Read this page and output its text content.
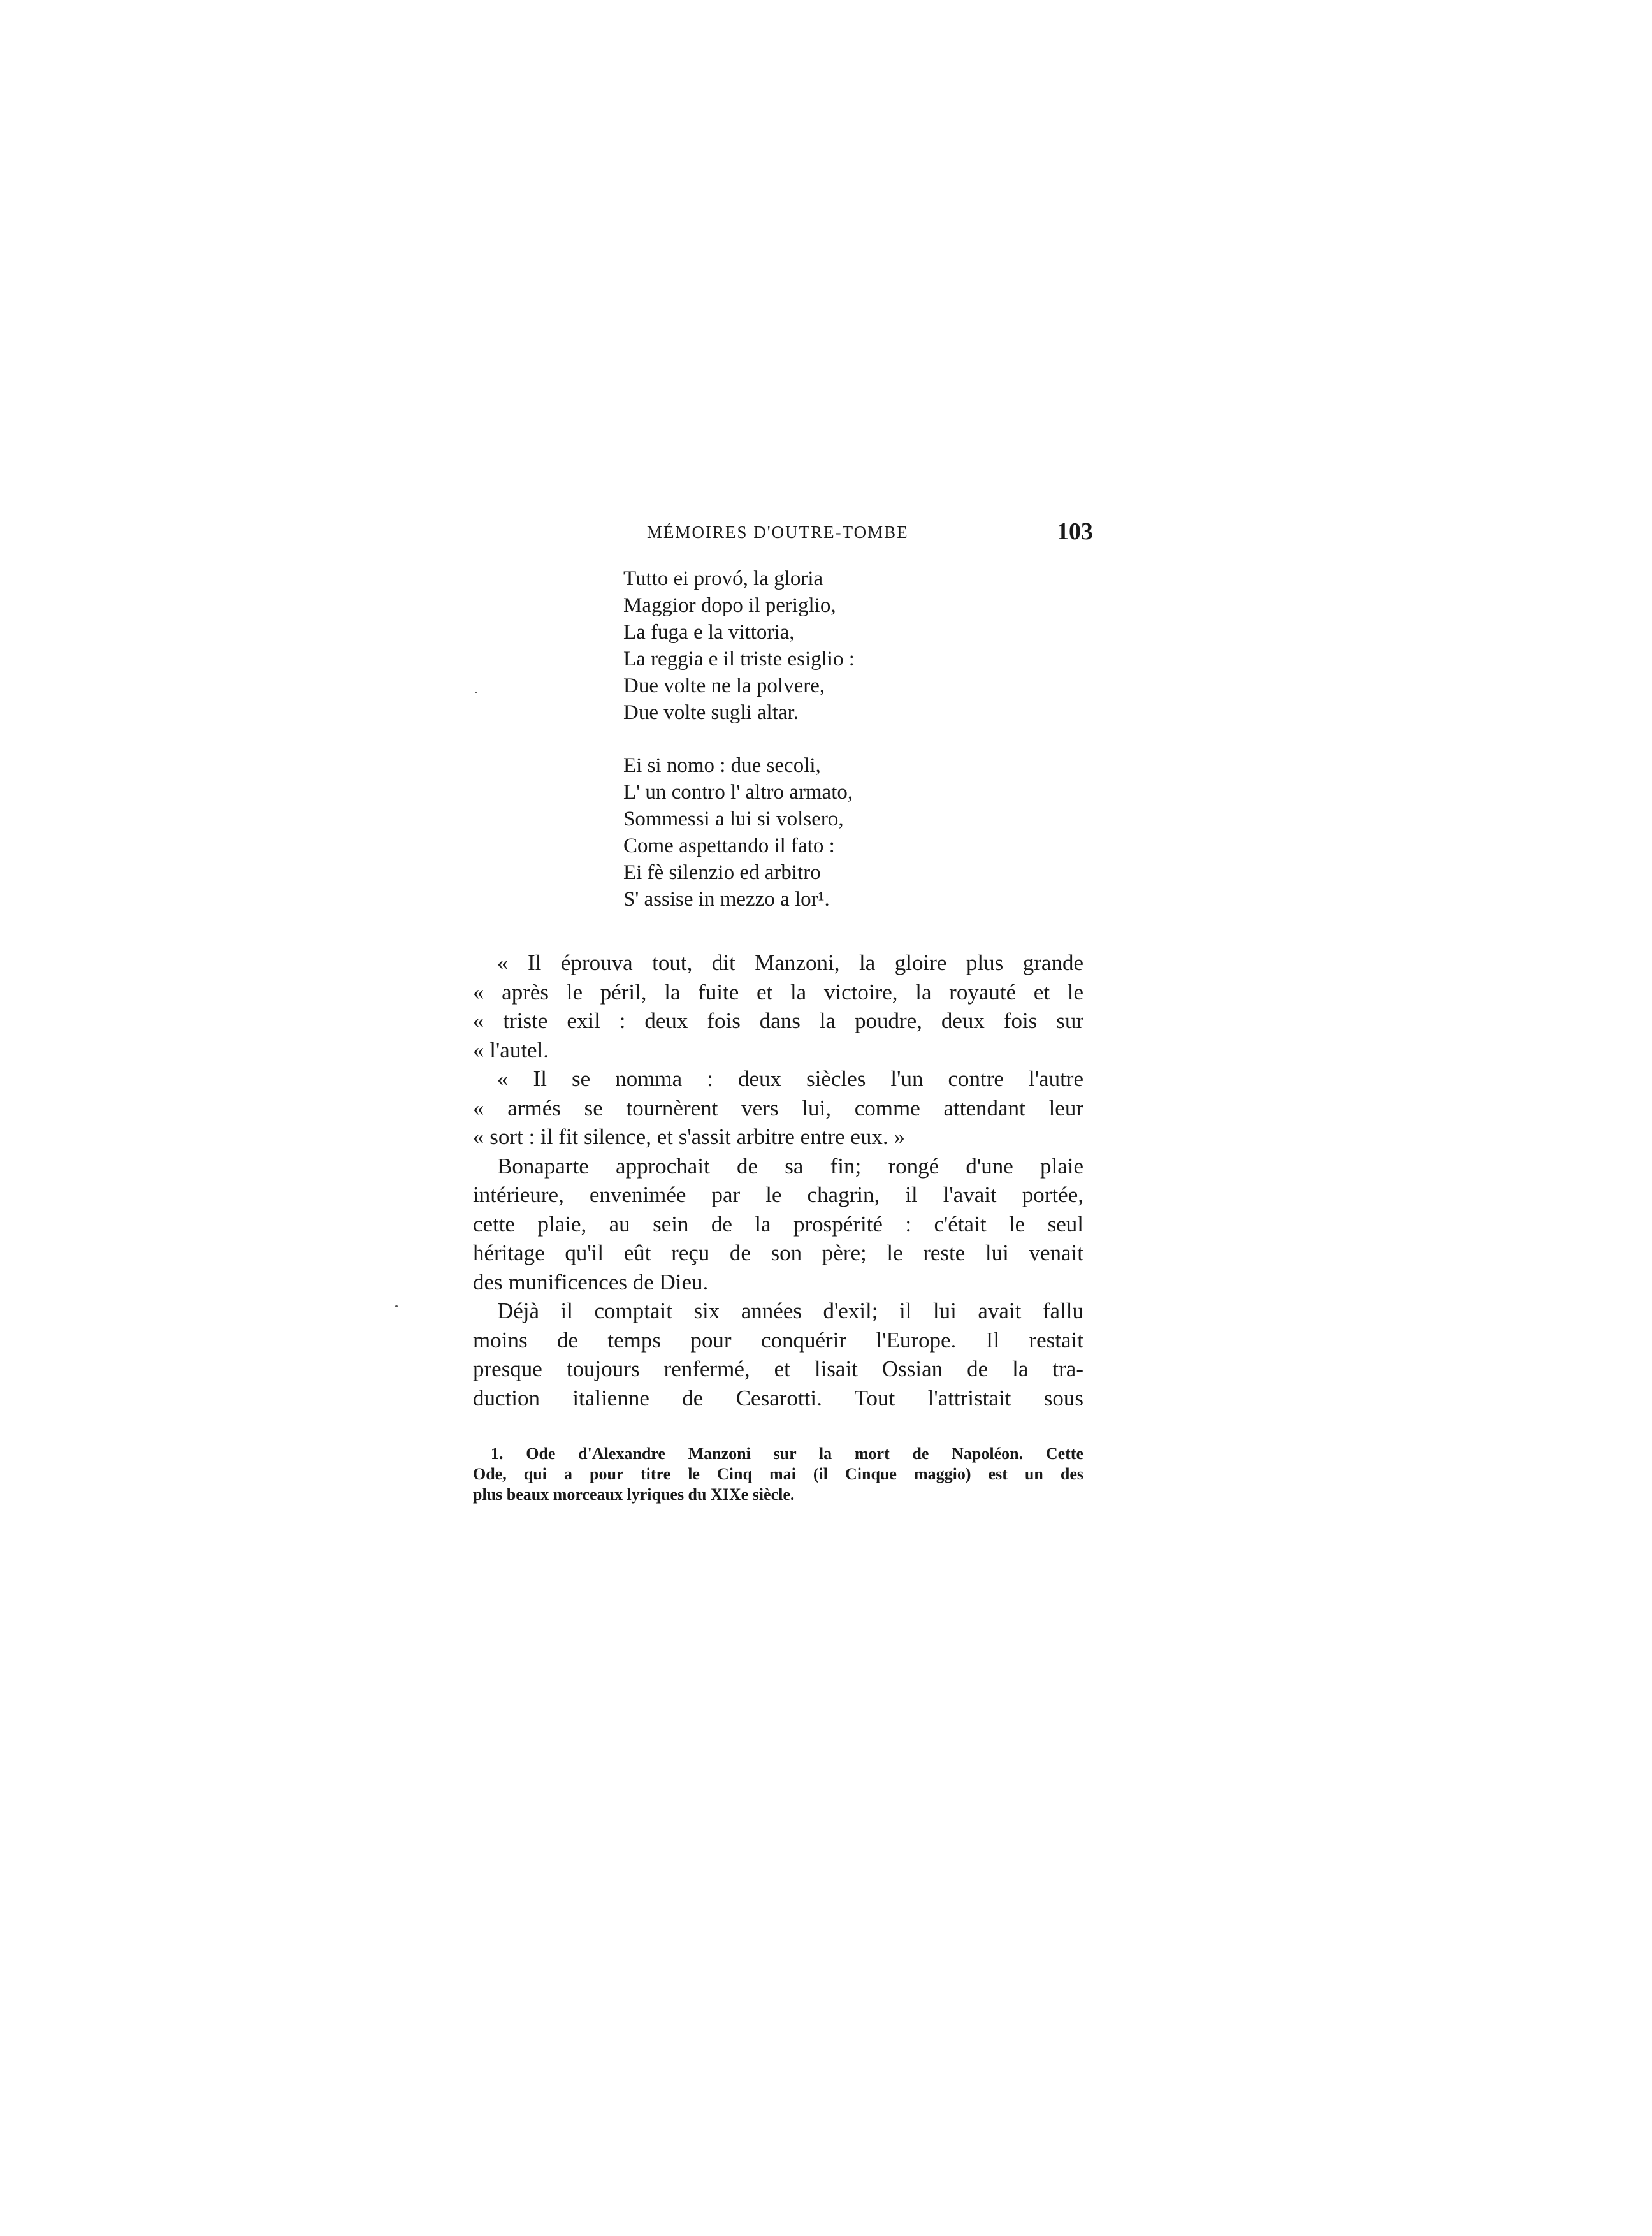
MÉMOIRES D'OUTRE-TOMBE	103
Tutto ei provó, la gloria
Maggior dopo il periglio,
La fuga e la vittoria,
La reggia e il triste esiglio :
Due volte ne la polvere,
Due volte sugli altar.
Ei si nomo : due secoli,
L' un contro l' altro armato,
Sommessi a lui si volsero,
Come aspettando il fato :
Ei fè silenzio ed arbitro
S' assise in mezzo a lor¹.
« Il éprouva tout, dit Manzoni, la gloire plus grande
« après le péril, la fuite et la victoire, la royauté et le
« triste exil : deux fois dans la poudre, deux fois sur
« l'autel.
« Il se nomma : deux siècles l'un contre l'autre
« armés se tournèrent vers lui, comme attendant leur
« sort : il fit silence, et s'assit arbitre entre eux. »
Bonaparte approchait de sa fin; rongé d'une plaie
intérieure, envenimée par le chagrin, il l'avait portée,
cette plaie, au sein de la prospérité : c'était le seul
héritage qu'il eût reçu de son père; le reste lui venait
des munificences de Dieu.
Déjà il comptait six années d'exil; il lui avait fallu
moins de temps pour conquérir l'Europe. Il restait
presque toujours renfermé, et lisait Ossian de la tra-
duction italienne de Cesarotti. Tout l'attristait sous
1. Ode d'Alexandre Manzoni sur la mort de Napoléon. Cette
Ode, qui a pour titre le Cinq mai (il Cinque maggio) est un des
plus beaux morceaux lyriques du XIXe siècle.
